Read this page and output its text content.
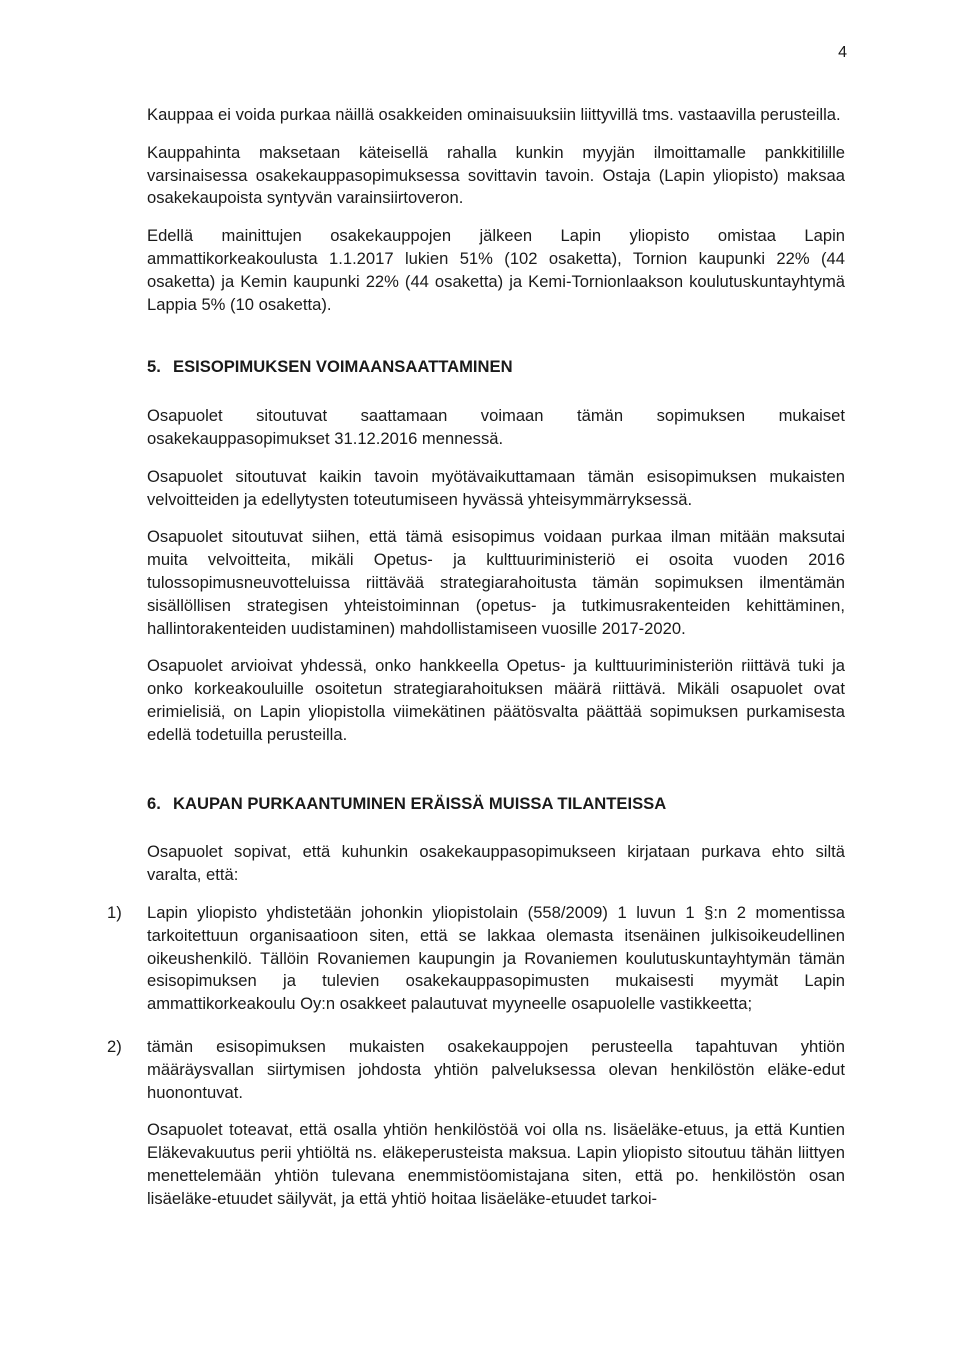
4

Kauppaa ei voida purkaa näillä osakkeiden ominaisuuksiin liittyvillä tms. vastaavilla perusteilla.

Kauppahinta maksetaan käteisellä rahalla kunkin myyjän ilmoittamalle pankkitilille varsinaisessa osakekauppasopimuksessa sovittavin tavoin. Ostaja (Lapin yliopisto) maksaa osakekaupoista syntyvän varainsiirtoveron.

Edellä mainittujen osakekauppojen jälkeen Lapin yliopisto omistaa Lapin ammattikorkeakoulusta 1.1.2017 lukien 51% (102 osaketta), Tornion kaupunki 22% (44 osaketta) ja Kemin kaupunki 22% (44 osaketta) ja Kemi-Tornionlaakson koulutuskuntayhtymä Lappia 5% (10 osaketta).

5. ESISOPIMUKSEN VOIMAANSAATTAMINEN

Osapuolet sitoutuvat saattamaan voimaan tämän sopimuksen mukaiset osakekauppasopimukset 31.12.2016 mennessä.

Osapuolet sitoutuvat kaikin tavoin myötävaikuttamaan tämän esisopimuksen mukaisten velvoitteiden ja edellytysten toteutumiseen hyvässä yhteisymmärryksessä.

Osapuolet sitoutuvat siihen, että tämä esisopimus voidaan purkaa ilman mitään maksutai muita velvoitteita, mikäli Opetus- ja kulttuuriministeriö ei osoita vuoden 2016 tulossopimusneuvotteluissa riittävää strategiarahoitusta tämän sopimuksen ilmentämän sisällöllisen strategisen yhteistoiminnan (opetus- ja tutkimusrakenteiden kehittäminen, hallintorakenteiden uudistaminen) mahdollistamiseen vuosille 2017-2020.

Osapuolet arvioivat yhdessä, onko hankkeella Opetus- ja kulttuuriministeriön riittävä tuki ja onko korkeakouluille osoitetun strategiarahoituksen määrä riittävä. Mikäli osapuolet ovat erimielisiä, on Lapin yliopistolla viimekätinen päätösvalta päättää sopimuksen purkamisesta edellä todetuilla perusteilla.

6. KAUPAN PURKAANTUMINEN ERÄISSÄ MUISSA TILANTEISSA

Osapuolet sopivat, että kuhunkin osakekauppasopimukseen kirjataan purkava ehto siltä varalta, että:

1) Lapin yliopisto yhdistetään johonkin yliopistolain (558/2009) 1 luvun 1 §:n 2 momentissa tarkoitettuun organisaatioon siten, että se lakkaa olemasta itsenäinen julkisoikeudellinen oikeushenkilö. Tällöin Rovaniemen kaupungin ja Rovaniemen koulutuskuntayhtymän tämän esisopimuksen ja tulevien osakekauppasopimusten mukaisesti myymät Lapin ammattikorkeakoulu Oy:n osakkeet palautuvat myyneelle osapuolelle vastikkeetta;
2) tämän esisopimuksen mukaisten osakekauppojen perusteella tapahtuvan yhtiön määräysvallan siirtymisen johdosta yhtiön palveluksessa olevan henkilöstön eläke-edut huonontuvat.

Osapuolet toteavat, että osalla yhtiön henkilöstöä voi olla ns. lisäeläke-etuus, ja että Kuntien Eläkevakuutus perii yhtiöltä ns. eläkeperusteista maksua. Lapin yliopisto sitoutuu tähän liittyen menettelemään yhtiön tulevana enemmistöomistajana siten, että po. henkilöstön osan lisäeläke-etuudet säilyvät, ja että yhtiö hoitaa lisäeläke-etuudet tarkoi-
